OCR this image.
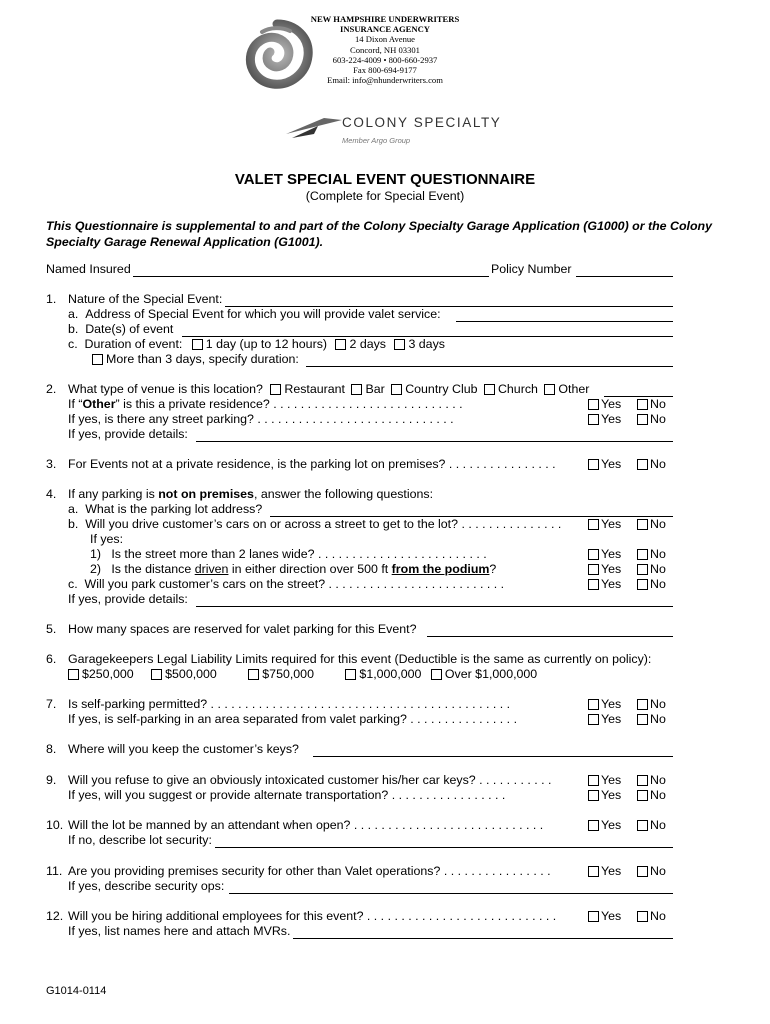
NEW HAMPSHIRE UNDERWRITERS
INSURANCE AGENCY
14 Dixon Avenue
Concord, NH 03301
603-224-4009 • 800-660-2937
Fax 800-694-9177
Email: info@nhunderwriters.com
COLONY SPECIALTY
Member Argo Group
VALET SPECIAL EVENT QUESTIONNAIRE
(Complete for Special Event)
This Questionnaire is supplemental to and part of the Colony Specialty Garage Application (G1000) or the Colony Specialty Garage Renewal Application (G1001).
Named Insured	Policy Number
1. Nature of the Special Event:
a.  Address of Special Event for which you will provide valet service:
b.  Date(s) of event
c.  Duration of event: 1 day (up to 12 hours) 2 days 3 days
More than 3 days, specify duration:
2. What type of venue is this location? Restaurant Bar Country Club Church Other
If “Other” is this a private residence? . . . . . . . . . . . . . . . . . . . . . . . . . . . .	Yes	No
If yes, is there any street parking? . . . . . . . . . . . . . . . . . . . . . . . . . . . . .	Yes	No
If yes, provide details:
3. For Events not at a private residence, is the parking lot on premises? . . . . . . . . . . . . . . . .	Yes	No
4. If any parking is not on premises, answer the following questions:
a.  What is the parking lot address?
b.  Will you drive customer’s cars on or across a street to get to the lot? . . . . . . . . . . . . . . .	Yes	No
If yes:
1)   Is the street more than 2 lanes wide? . . . . . . . . . . . . . . . . . . . . . . . . .	Yes	No
2)   Is the distance driven in either direction over 500 ft from the podium?	Yes	No
c.  Will you park customer’s cars on the street? . . . . . . . . . . . . . . . . . . . . . . . . . .	Yes	No
If yes, provide details:
5. How many spaces are reserved for valet parking for this Event?
6. Garagekeepers Legal Liability Limits required for this event (Deductible is the same as currently on policy):
$250,000	$500,000	$750,000	$1,000,000 Over $1,000,000
7. Is self-parking permitted? . . . . . . . . . . . . . . . . . . . . . . . . . . . . . . . . . . . . . . . . . . . .	Yes	No
If yes, is self-parking in an area separated from valet parking? . . . . . . . . . . . . . . . .	Yes	No
8. Where will you keep the customer’s keys?
9. Will you refuse to give an obviously intoxicated customer his/her car keys? . . . . . . . . . . .	Yes	No
If yes, will you suggest or provide alternate transportation? . . . . . . . . . . . . . . . . .	Yes	No
10. Will the lot be manned by an attendant when open? . . . . . . . . . . . . . . . . . . . . . . . . . . . .	Yes	No
If no, describe lot security:
11. Are you providing premises security for other than Valet operations? . . . . . . . . . . . . . . . .	Yes	No
If yes, describe security ops:
12. Will you be hiring additional employees for this event? . . . . . . . . . . . . . . . . . . . . . . . . . . . .	Yes	No
If yes, list names here and attach MVRs.
G1014-0114
